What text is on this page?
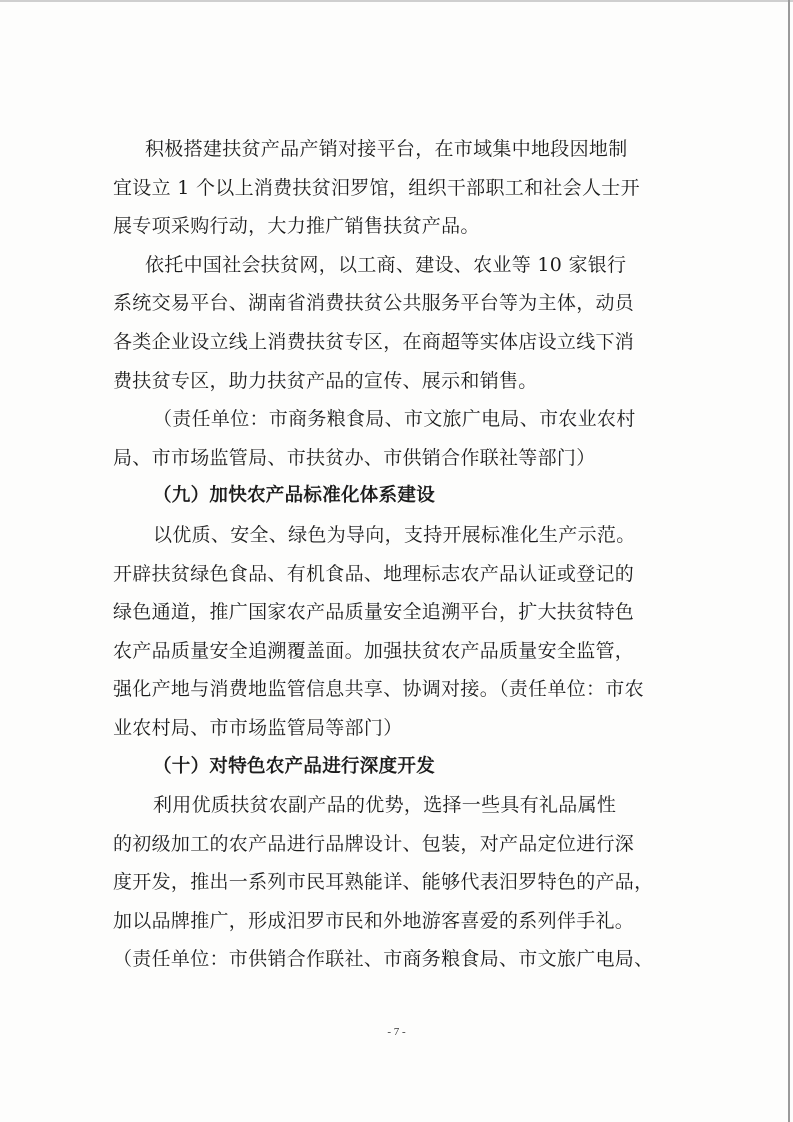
积极搭建扶贫产品产销对接平台，在市域集中地段因地制
宜设立 1 个以上消费扶贫汨罗馆，组织干部职工和社会人士开
展专项采购行动，大力推广销售扶贫产品。
依托中国社会扶贫网，以工商、建设、农业等 10 家银行
系统交易平台、湖南省消费扶贫公共服务平台等为主体，动员
各类企业设立线上消费扶贫专区，在商超等实体店设立线下消
费扶贫专区，助力扶贫产品的宣传、展示和销售。
（责任单位：市商务粮食局、市文旅广电局、市农业农村
局、市市场监管局、市扶贫办、市供销合作联社等部门）
（九）加快农产品标准化体系建设
以优质、安全、绿色为导向，支持开展标准化生产示范。
开辟扶贫绿色食品、有机食品、地理标志农产品认证或登记的
绿色通道，推广国家农产品质量安全追溯平台，扩大扶贫特色
农产品质量安全追溯覆盖面。加强扶贫农产品质量安全监管，
强化产地与消费地监管信息共享、协调对接。（责任单位：市农
业农村局、市市场监管局等部门）
（十）对特色农产品进行深度开发
利用优质扶贫农副产品的优势，选择一些具有礼品属性
的初级加工的农产品进行品牌设计、包装，对产品定位进行深
度开发，推出一系列市民耳熟能详、能够代表汨罗特色的产品，
加以品牌推广，形成汨罗市民和外地游客喜爱的系列伴手礼。
（责任单位：市供销合作联社、市商务粮食局、市文旅广电局、
- 7 -
